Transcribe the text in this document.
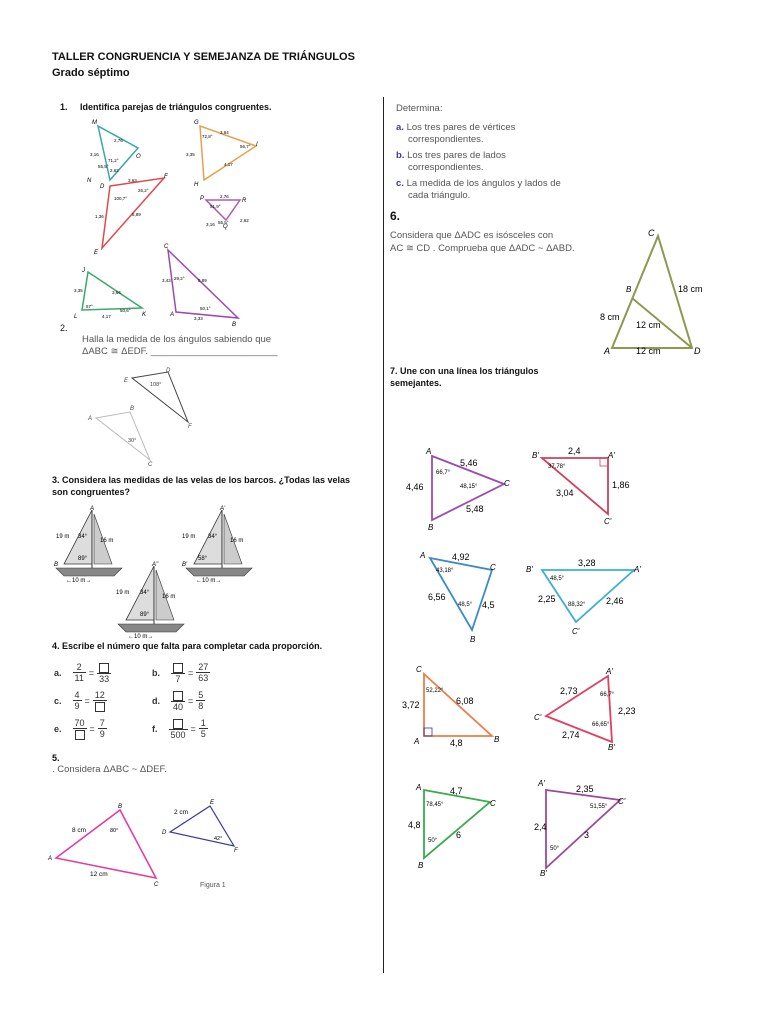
TALLER CONGRUENCIA Y SEMEJANZA DE TRIÁNGULOS
Grado séptimo
1. Identifica parejas de triángulos congruentes.
M
3,16
2,76
71,2°
55,5°
2,62
N
O
G
72,8°
3,64
3,35
56,7°
4,17
H
I
D
3,63
100,7°
26,2°
5,89
1,36
F
E
P	2,76
51,9°
3,16 55,5°	2,62
Q
R
J
3,35	3,64
57°
50,6°
4,17
L	K
C
3,43 29,2°	5,89
50,1°
3,33
A
B
2.
Halla la medida de los ángulos sabiendo que
ΔABC ≅ ΔEDF. ________________________
E
D
108°
F
A
B
30°
C
3. Considera las medidas de las velas de los barcos. ¿Todas las velas
son congruentes?
19 m 34°
16 m
89°
A
B
←10 m→
19 m 34°
16 m
58°
A'
B'
←10 m→
19 m 34°
16 m
89°
A''
←10 m→
4. Escribe el número que falta para completar cada proporción.
a. $\frac{2}{11}$ =
33
b.
7
= $\frac{27}{63}$
c. $\frac{4}{9}$ =
12
d.
40
= $\frac{5}{8}$
e.
70
= $\frac{7}{9}$	f.
500
= $\frac{1}{5}$
5.
. Considera ΔABC ~ ΔDEF.
A
B
C
8 cm	80°
12 cm
D
E
F
2 cm
42°
Figura 1
Determina:
a. Los tres pares de vértices
correspondientes.
b. Los tres pares de lados
correspondientes.
c. La medida de los ángulos y lados de
cada triángulo.
6.
Considera que ΔADC es isósceles con
AC ≅ CD . Comprueba que ΔADC ~ ΔABD.
C
B
A	D
18 cm
8 cm
12 cm
12 cm
7. Une con una línea los triángulos
semejantes.
A
C
B
5,46
4,46
66,7°
48,15°
5,48
B'	A'
C'
2,4
37,78°
3,04
1,86
A
C
B
4,92
43,18°
6,56
48,5° 4,5
B'	A'
C'
3,28
48,5°
2,25
88,32° 2,46
C
A	B
3,72
52,22°
6,08
4,8
A'
C'
B'
2,73	66,7°
66,65°
2,23
2,74
A
C
B
4,7
78,45°
4,8
50°
6
A'
C'
B'
2,35
51,55°
2,4
50°
3
